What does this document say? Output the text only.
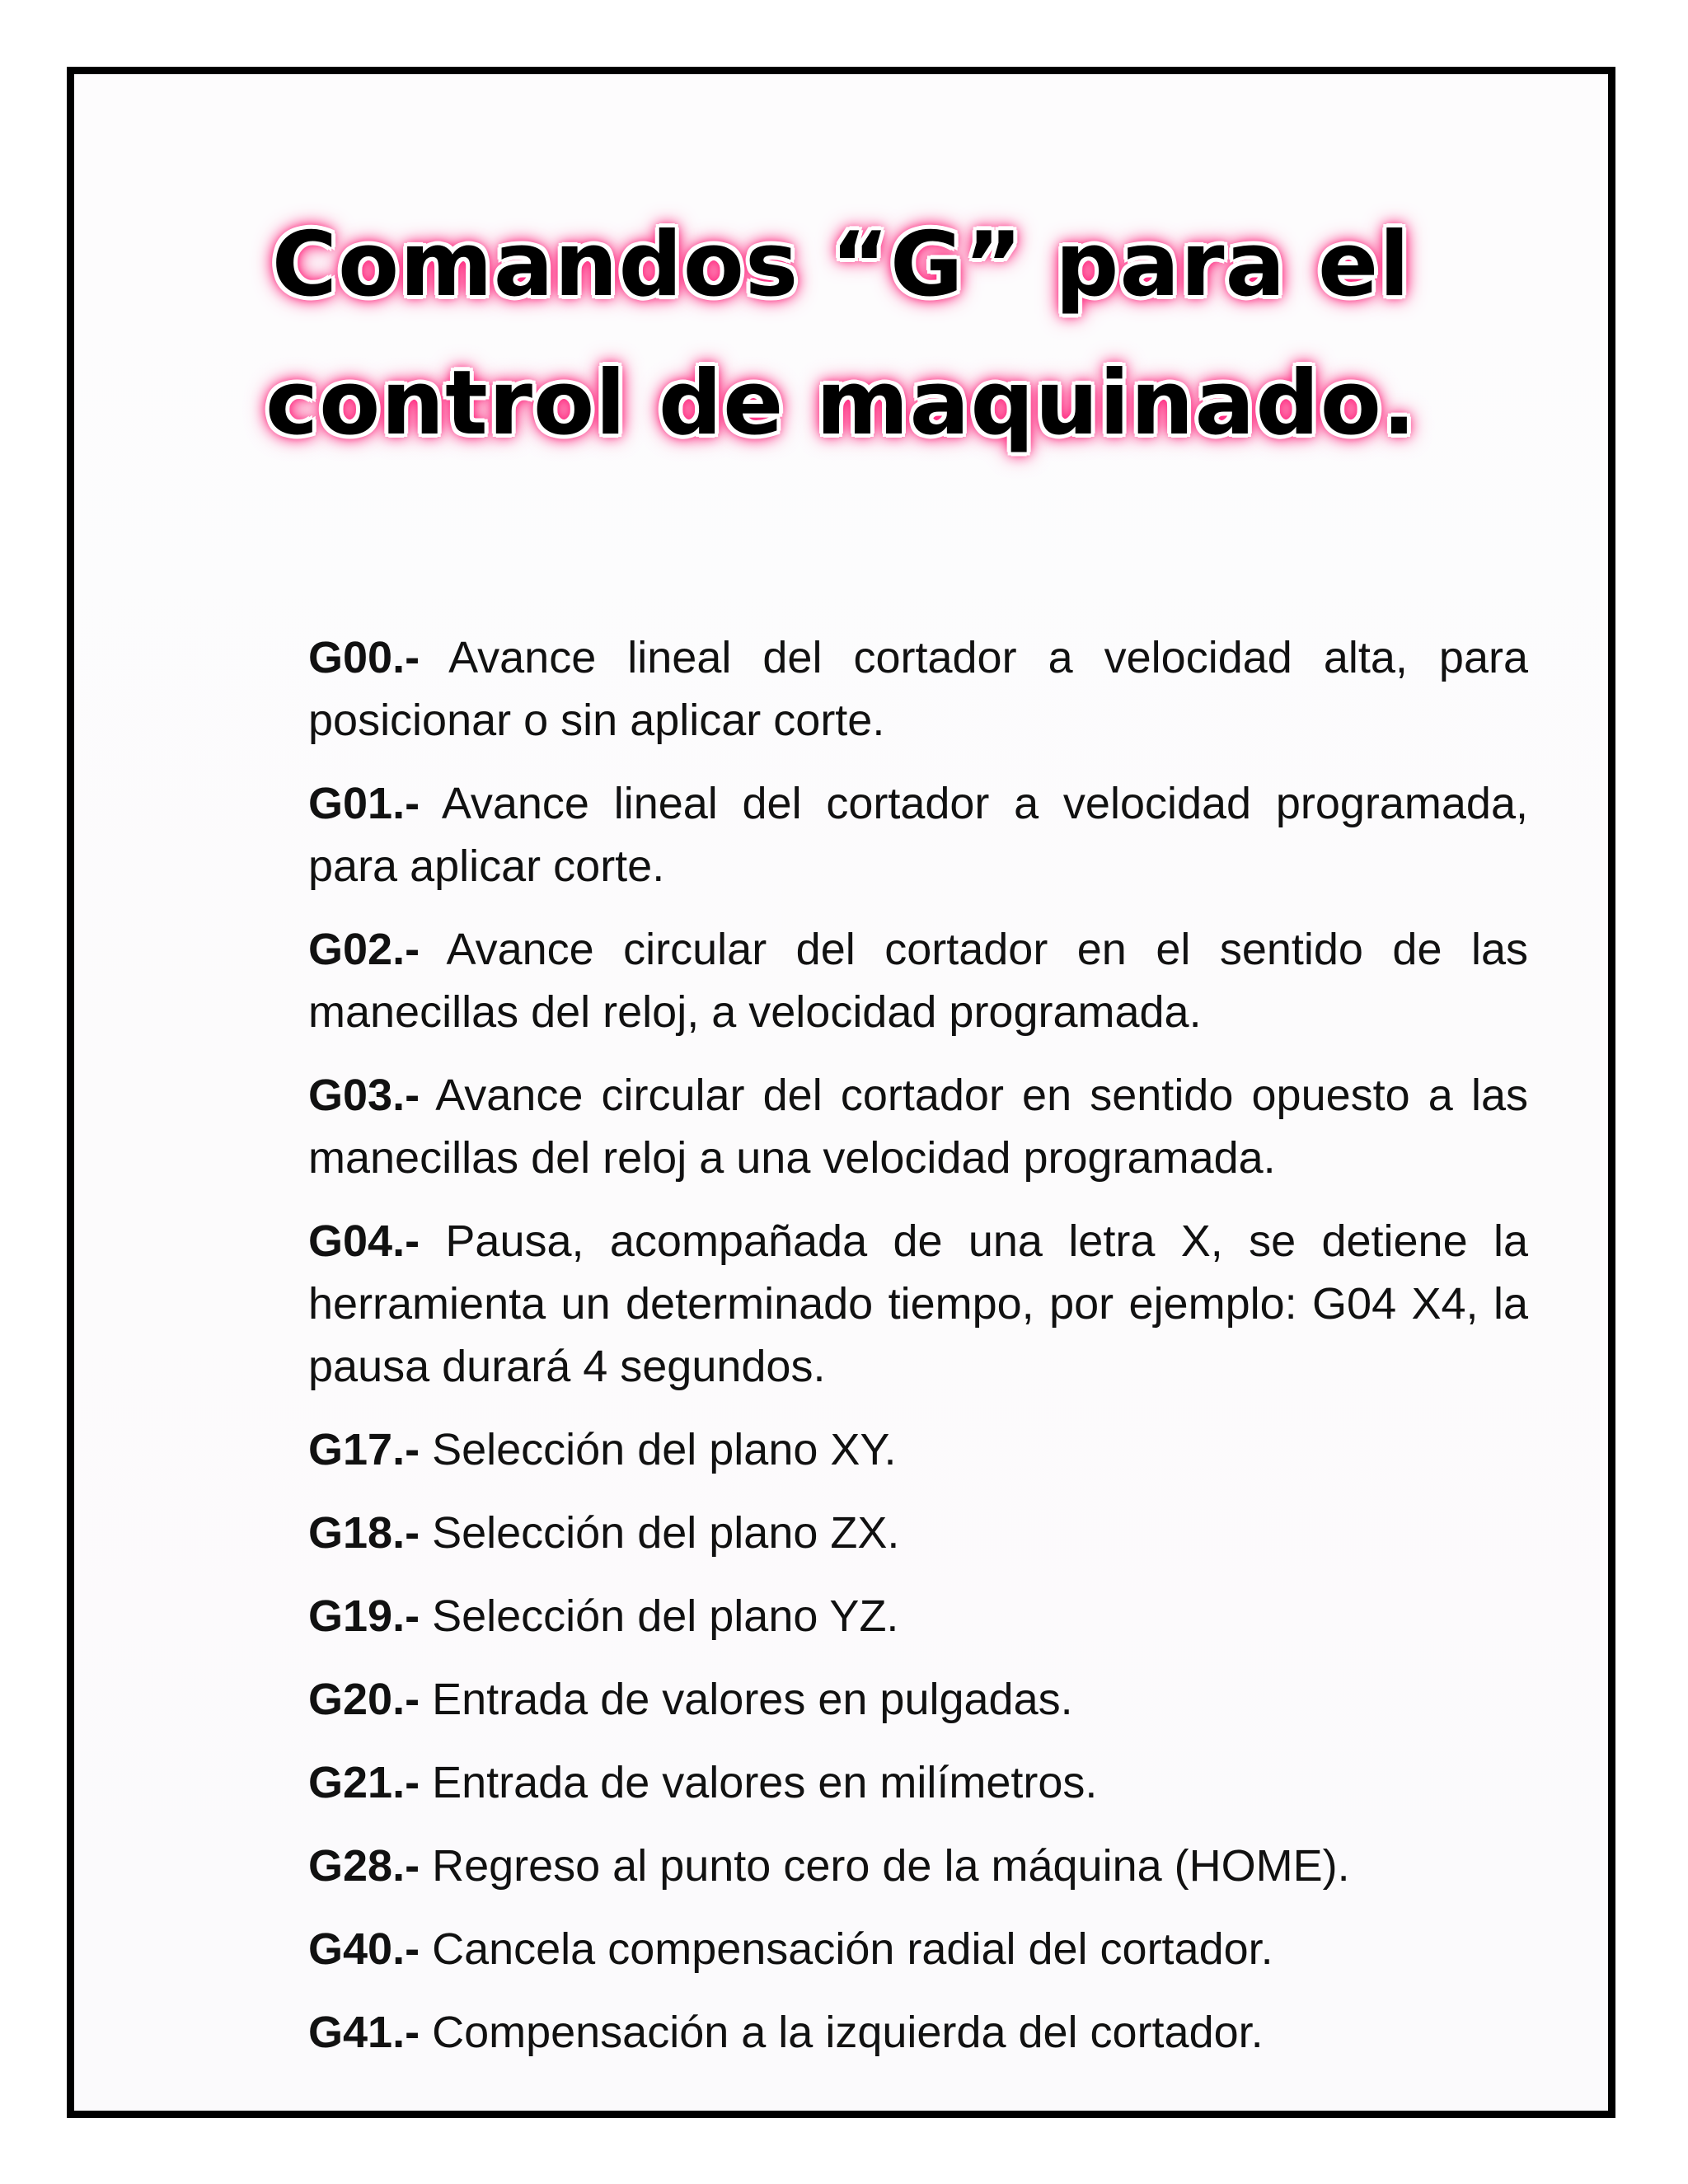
Comandos “G” para el
control de maquinado.
G00.- Avance lineal del cortador a velocidad alta, para posicionar o sin aplicar corte.
G01.- Avance lineal del cortador a velocidad programada, para aplicar corte.
G02.- Avance circular del cortador en el sentido de las manecillas del reloj, a velocidad programada.
G03.- Avance circular del cortador en sentido opuesto a las manecillas del reloj a una velocidad programada.
G04.- Pausa, acompañada de una letra X, se detiene la herramienta un determinado tiempo, por ejemplo: G04 X4, la pausa durará 4 segundos.
G17.- Selección del plano XY.
G18.- Selección del plano ZX.
G19.- Selección del plano YZ.
G20.- Entrada de valores en pulgadas.
G21.- Entrada de valores en milímetros.
G28.- Regreso al punto cero de la máquina (HOME).
G40.- Cancela compensación radial del cortador.
G41.- Compensación a la izquierda del cortador.
